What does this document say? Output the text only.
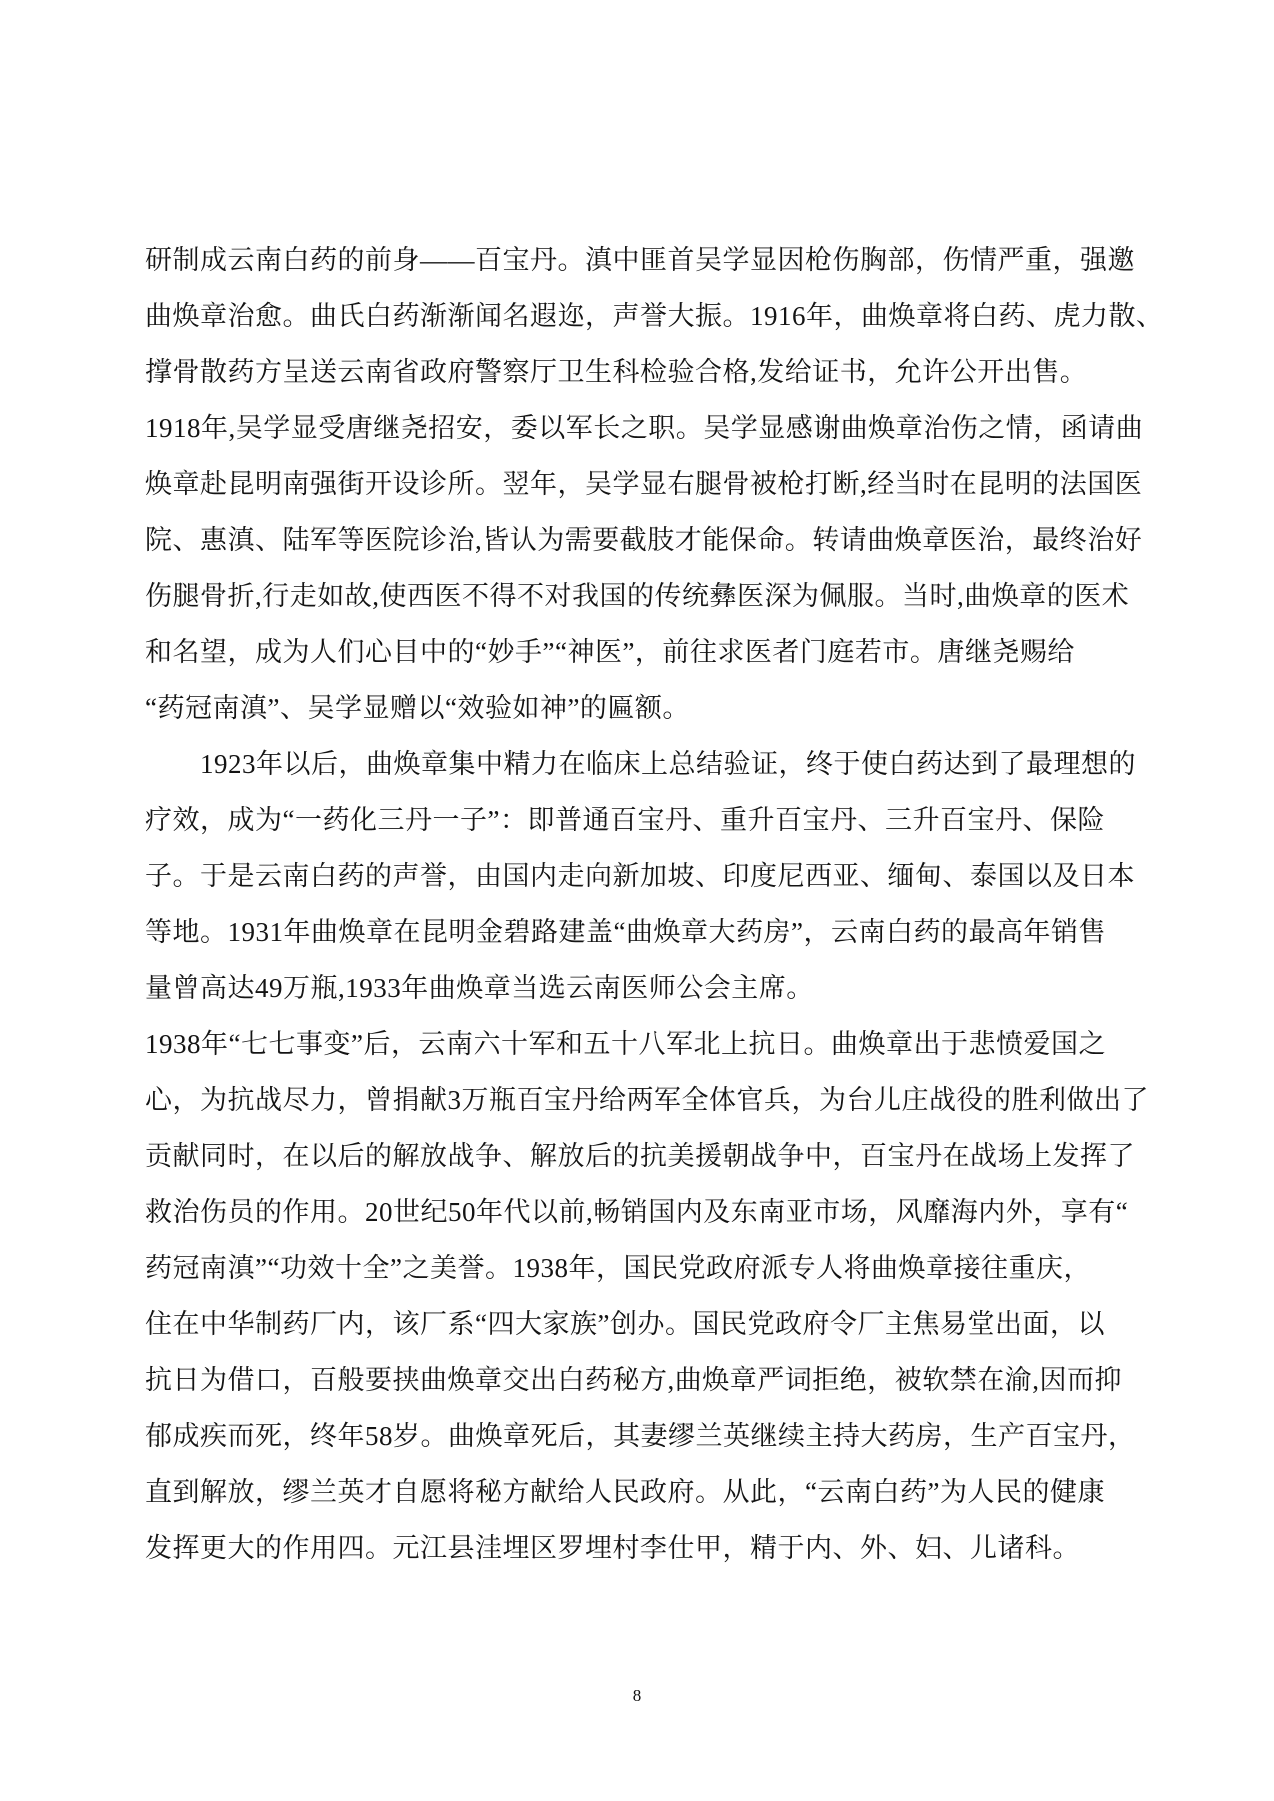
研制成云南白药的前身——百宝丹。滇中匪首吴学显因枪伤胸部，伤情严重，强邀
曲焕章治愈。曲氏白药渐渐闻名遐迩，声誉大振。1916年，曲焕章将白药、虎力散、
撑骨散药方呈送云南省政府警察厅卫生科检验合格,发给证书，允许公开出售。
1918年,吴学显受唐继尧招安，委以军长之职。吴学显感谢曲焕章治伤之情，函请曲
焕章赴昆明南强街开设诊所。翌年，吴学显右腿骨被枪打断,经当时在昆明的法国医
院、惠滇、陆军等医院诊治,皆认为需要截肢才能保命。转请曲焕章医治，最终治好
伤腿骨折,行走如故,使西医不得不对我国的传统彝医深为佩服。当时,曲焕章的医术
和名望，成为人们心目中的“妙手”“神医”，前往求医者门庭若市。唐继尧赐给
“药冠南滇”、吴学显赠以“效验如神”的匾额。
　　1923年以后，曲焕章集中精力在临床上总结验证，终于使白药达到了最理想的
疗效，成为“一药化三丹一子”：即普通百宝丹、重升百宝丹、三升百宝丹、保险
子。于是云南白药的声誉，由国内走向新加坡、印度尼西亚、缅甸、泰国以及日本
等地。1931年曲焕章在昆明金碧路建盖“曲焕章大药房”，云南白药的最高年销售
量曾高达49万瓶,1933年曲焕章当选云南医师公会主席。
1938年“七七事变”后，云南六十军和五十八军北上抗日。曲焕章出于悲愤爱国之
心，为抗战尽力，曾捐献3万瓶百宝丹给两军全体官兵，为台儿庄战役的胜利做出了
贡献同时，在以后的解放战争、解放后的抗美援朝战争中，百宝丹在战场上发挥了
救治伤员的作用。20世纪50年代以前,畅销国内及东南亚市场，风靡海内外，享有“
药冠南滇”“功效十全”之美誉。1938年，国民党政府派专人将曲焕章接往重庆，
住在中华制药厂内，该厂系“四大家族”创办。国民党政府令厂主焦易堂出面，以
抗日为借口，百般要挟曲焕章交出白药秘方,曲焕章严词拒绝，被软禁在渝,因而抑
郁成疾而死，终年58岁。曲焕章死后，其妻缪兰英继续主持大药房，生产百宝丹，
直到解放，缪兰英才自愿将秘方献给人民政府。从此，“云南白药”为人民的健康
发挥更大的作用四。元江县洼埋区罗埋村李仕甲，精于内、外、妇、儿诸科。
8
